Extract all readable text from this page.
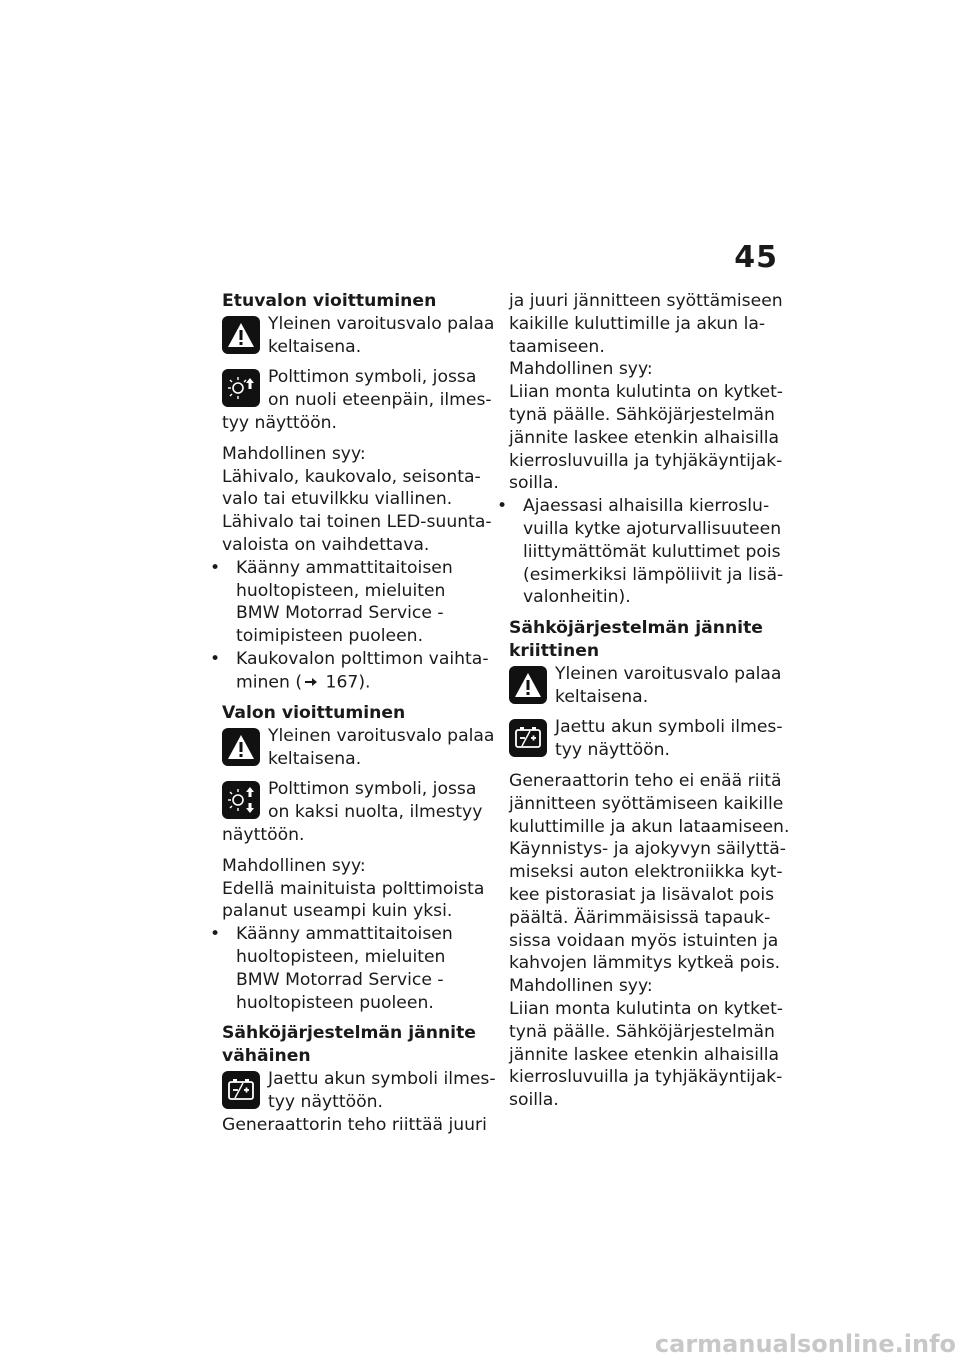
45
Etuvalon vioittuminen
Yleinen varoitusvalo palaa
keltaisena.
Polttimon symboli, jossa
on nuoli eteenpäin, ilmes-
tyy näyttöön.
Mahdollinen syy:
Lähivalo, kaukovalo, seisonta-
valo tai etuvilkku viallinen.
Lähivalo tai toinen LED-suunta-
valoista on vaihdettava.
• Käänny ammattitaitoisen
huoltopisteen, mieluiten
BMW Motorrad Service -
toimipisteen puoleen.
• Kaukovalon polttimon vaihta-
minen ( 167).
Valon vioittuminen
Yleinen varoitusvalo palaa
keltaisena.
Polttimon symboli, jossa
on kaksi nuolta, ilmestyy
näyttöön.
Mahdollinen syy:
Edellä mainituista polttimoista
palanut useampi kuin yksi.
• Käänny ammattitaitoisen
huoltopisteen, mieluiten
BMW Motorrad Service -
huoltopisteen puoleen.
Sähköjärjestelmän jännite
vähäinen
Jaettu akun symboli ilmes-
tyy näyttöön.
Generaattorin teho riittää juuri
ja juuri jännitteen syöttämiseen
kaikille kuluttimille ja akun la-
taamiseen.
Mahdollinen syy:
Liian monta kulutinta on kytket-
tynä päälle. Sähköjärjestelmän
jännite laskee etenkin alhaisilla
kierrosluvuilla ja tyhjäkäyntijak-
soilla.
• Ajaessasi alhaisilla kierroslu-
vuilla kytke ajoturvallisuuteen
liittymättömät kuluttimet pois
(esimerkiksi lämpöliivit ja lisä-
valonheitin).
Sähköjärjestelmän jännite
kriittinen
Yleinen varoitusvalo palaa
keltaisena.
Jaettu akun symboli ilmes-
tyy näyttöön.
Generaattorin teho ei enää riitä
jännitteen syöttämiseen kaikille
kuluttimille ja akun lataamiseen.
Käynnistys- ja ajokyvyn säilyttä-
miseksi auton elektroniikka kyt-
kee pistorasiat ja lisävalot pois
päältä. Äärimmäisissä tapauk-
sissa voidaan myös istuinten ja
kahvojen lämmitys kytkeä pois.
Mahdollinen syy:
Liian monta kulutinta on kytket-
tynä päälle. Sähköjärjestelmän
jännite laskee etenkin alhaisilla
kierrosluvuilla ja tyhjäkäyntijak-
soilla.
carmanualsonline.info
